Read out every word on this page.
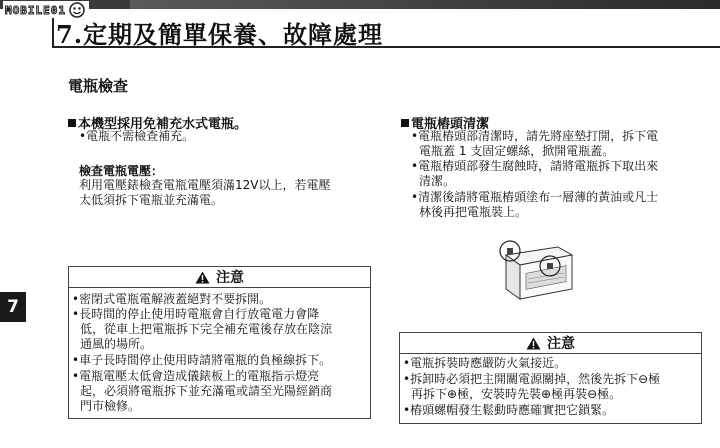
MOBILE01
7.定期及簡單保養、故障處理
電瓶檢查
7
本機型採用免補充水式電瓶。
•電瓶不需檢查補充。
檢查電瓶電壓：
利用電壓錶檢查電瓶電壓須滿12V以上，若電壓
太低須拆下電瓶並充滿電。
電瓶樁頭清潔
•電瓶樁頭部清潔時，請先將座墊打開，拆下電
電瓶蓋 1 支固定螺絲，掀開電瓶蓋。
•電瓶樁頭部發生腐蝕時，請將電瓶拆下取出來
清潔。
•清潔後請將電瓶樁頭塗布一層薄的黃油或凡士
林後再把電瓶裝上。
注意
•密閉式電瓶電解液蓋絕對不要拆開。
•長時間的停止使用時電瓶會自行放電電力會降
低，從車上把電瓶拆下完全補充電後存放在陰涼
通風的場所。
•車子長時間停止使用時請將電瓶的負極線拆下。
•電瓶電壓太低會造成儀錶板上的電瓶指示燈亮
起，必須將電瓶拆下並充滿電或請至光陽經銷商
門市檢修。
注意
•電瓶拆裝時應嚴防火氣接近。
•拆卸時必須把主開關電源關掉，然後先拆下⊖極
再拆下⊕極，安裝時先裝⊕極再裝⊖極。
•樁頭螺帽發生鬆動時應確實把它鎖緊。
